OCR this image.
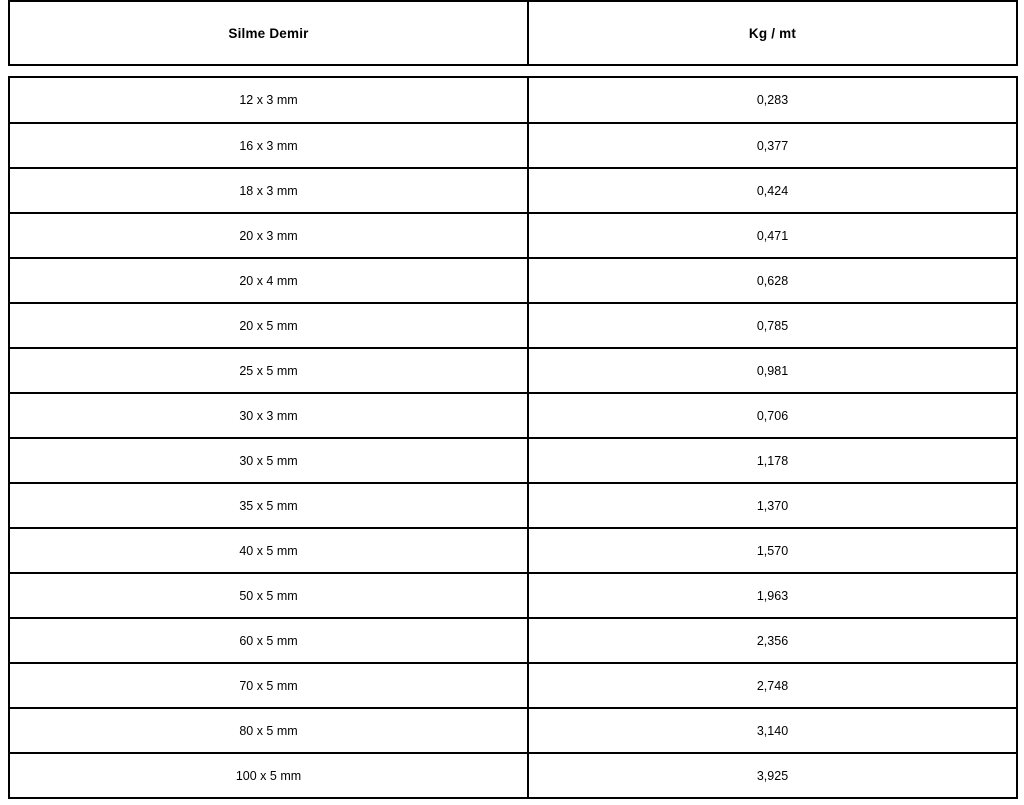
Silme Demir	Kg / mt
12 x 3 mm	0,283
16 x 3 mm	0,377
18 x 3 mm	0,424
20 x 3 mm	0,471
20 x 4 mm	0,628
20 x 5 mm	0,785
25 x 5 mm	0,981
30 x 3 mm	0,706
30 x 5 mm	1,178
35 x 5 mm	1,370
40 x 5 mm	1,570
50 x 5 mm	1,963
60 x 5 mm	2,356
70 x 5 mm	2,748
80 x 5 mm	3,140
100 x 5 mm	3,925
